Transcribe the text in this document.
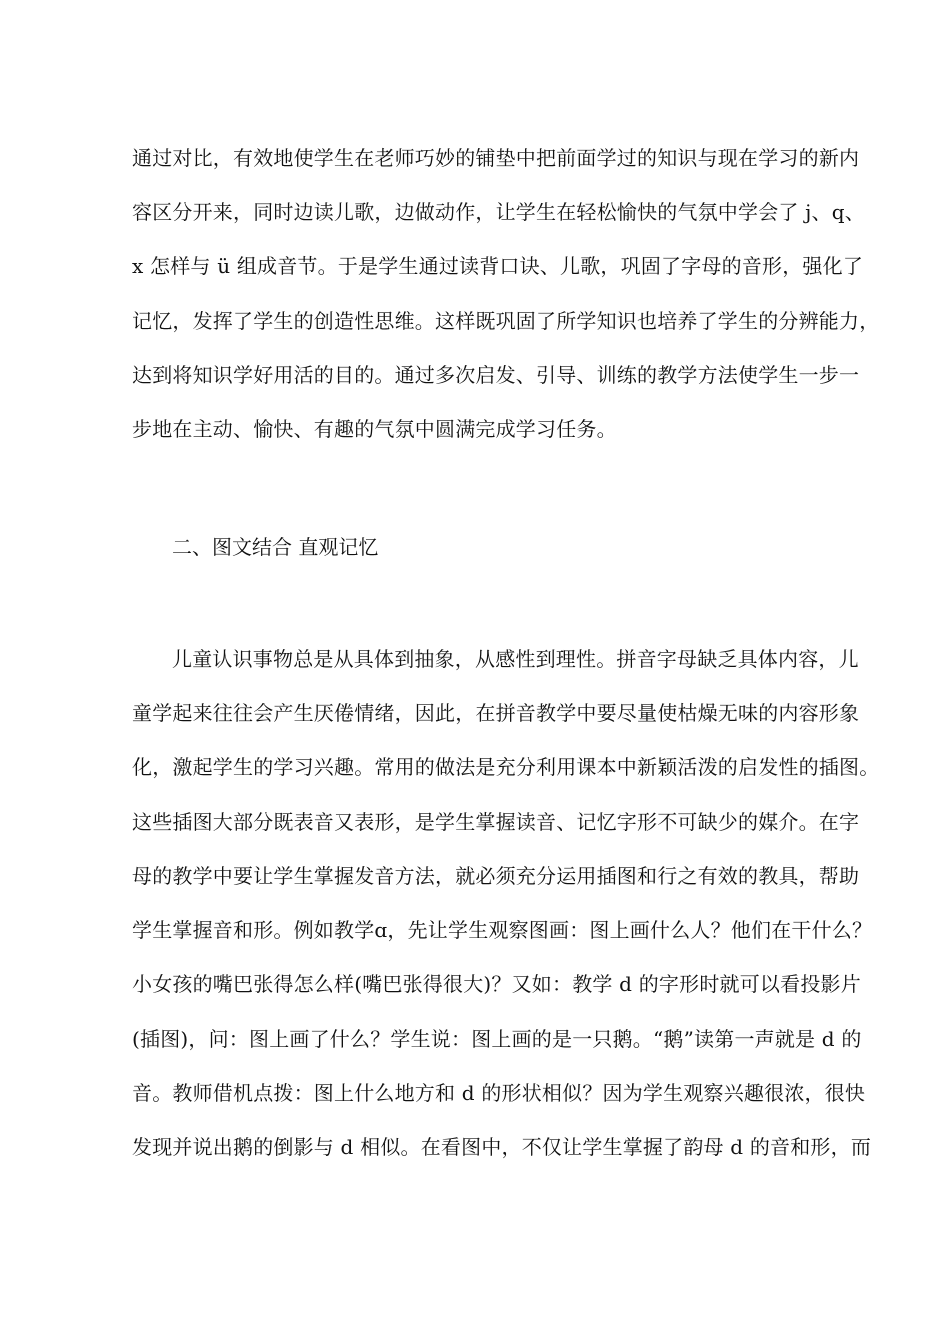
通过对比，有效地使学生在老师巧妙的铺垫中把前面学过的知识与现在学习的新内
容区分开来，同时边读儿歌，边做动作，让学生在轻松愉快的气氛中学会了 j、q、
x 怎样与 ü 组成音节。于是学生通过读背口诀、儿歌，巩固了字母的音形，强化了
记忆，发挥了学生的创造性思维。这样既巩固了所学知识也培养了学生的分辨能力，
达到将知识学好用活的目的。通过多次启发、引导、训练的教学方法使学生一步一
步地在主动、愉快、有趣的气氛中圆满完成学习任务。
二、图文结合 直观记忆
儿童认识事物总是从具体到抽象，从感性到理性。拼音字母缺乏具体内容，儿
童学起来往往会产生厌倦情绪，因此，在拼音教学中要尽量使枯燥无味的内容形象
化，激起学生的学习兴趣。常用的做法是充分利用课本中新颖活泼的启发性的插图。
这些插图大部分既表音又表形，是学生掌握读音、记忆字形不可缺少的媒介。在字
母的教学中要让学生掌握发音方法，就必须充分运用插图和行之有效的教具，帮助
学生掌握音和形。例如教学ɑ，先让学生观察图画：图上画什么人？他们在干什么？
小女孩的嘴巴张得怎么样(嘴巴张得很大)？又如：教学 d 的字形时就可以看投影片
(插图)，问：图上画了什么？学生说：图上画的是一只鹅。“鹅”读第一声就是 d 的
音。教师借机点拨：图上什么地方和 d 的形状相似？因为学生观察兴趣很浓，很快
发现并说出鹅的倒影与 d 相似。在看图中，不仅让学生掌握了韵母 d 的音和形，而
